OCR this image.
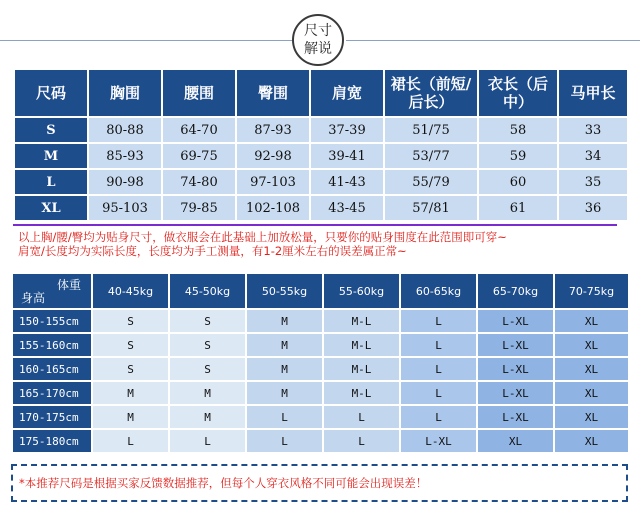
尺寸
解说
尺码	胸围	腰围	臀围	肩宽	裙长（前短/后长）	衣长（后中）	马甲长
S	80-88	64-70	87-93	37-39	51/75	58	33
M	85-93	69-75	92-98	39-41	53/77	59	34
L	90-98	74-80	97-103	41-43	55/79	60	35
XL	95-103	79-85	102-108	43-45	57/81	61	36
以上胸/腰/臀均为贴身尺寸，做衣服会在此基础上加放松量，只要你的贴身围度在此范围即可穿~
肩宽/长度均为实际长度，长度均为手工测量，有1-2厘米左右的误差属正常~
体重
身高	40-45kg	45-50kg	50-55kg	55-60kg	60-65kg	65-70kg	70-75kg
150-155cm	S	S	M	M-L	L	L-XL	XL
155-160cm	S	S	M	M-L	L	L-XL	XL
160-165cm	S	S	M	M-L	L	L-XL	XL
165-170cm	M	M	M	M-L	L	L-XL	XL
170-175cm	M	M	L	L	L	L-XL	XL
175-180cm	L	L	L	L	L-XL	XL	XL
*本推荐尺码是根据买家反馈数据推荐，但每个人穿衣风格不同可能会出现误差！
